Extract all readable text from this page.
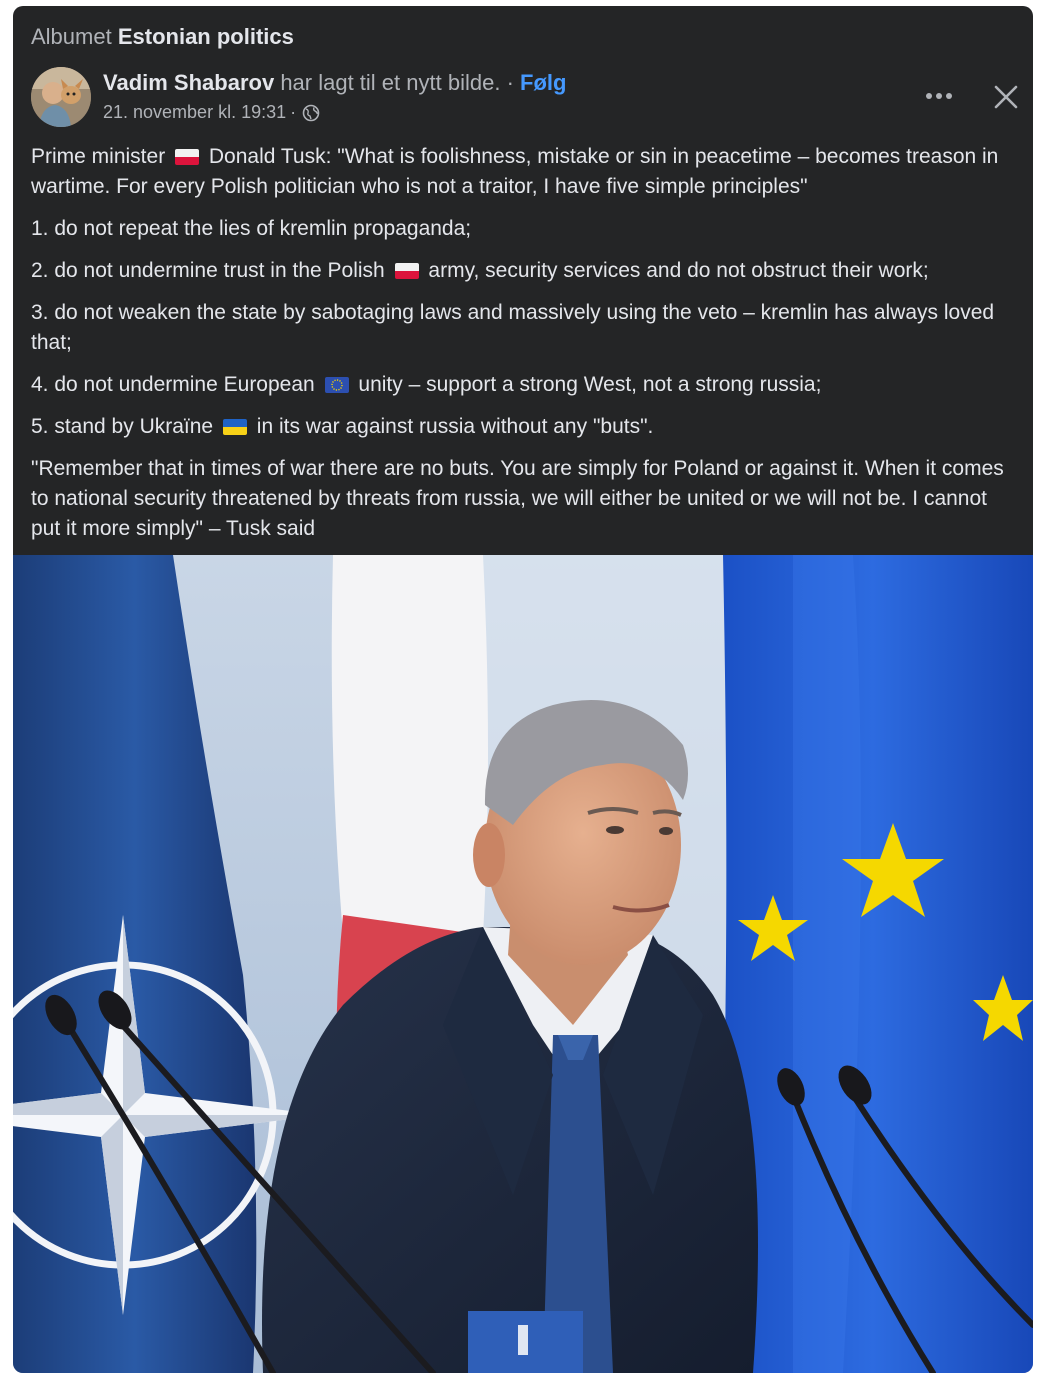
Albumet Estonian politics
Vadim Shabarov har lagt til et nytt bilde. · Følg
21. november kl. 19:31 ·

Prime minister Donald Tusk: "What is foolishness, mistake or sin in peacetime – becomes treason in wartime. For every Polish politician who is not a traitor, I have five simple principles"

1. do not repeat the lies of kremlin propaganda;

2. do not undermine trust in the Polish army, security services and do not obstruct their work;

3. do not weaken the state by sabotaging laws and massively using the veto – kremlin has always loved that;

4. do not undermine European unity – support a strong West, not a strong russia;

5. stand by Ukraïne in its war against russia without any "buts".

"Remember that in times of war there are no buts. You are simply for Poland or against it. When it comes to national security threatened by threats from russia, we will either be united or we will not be. I cannot put it more simply" – Tusk said
